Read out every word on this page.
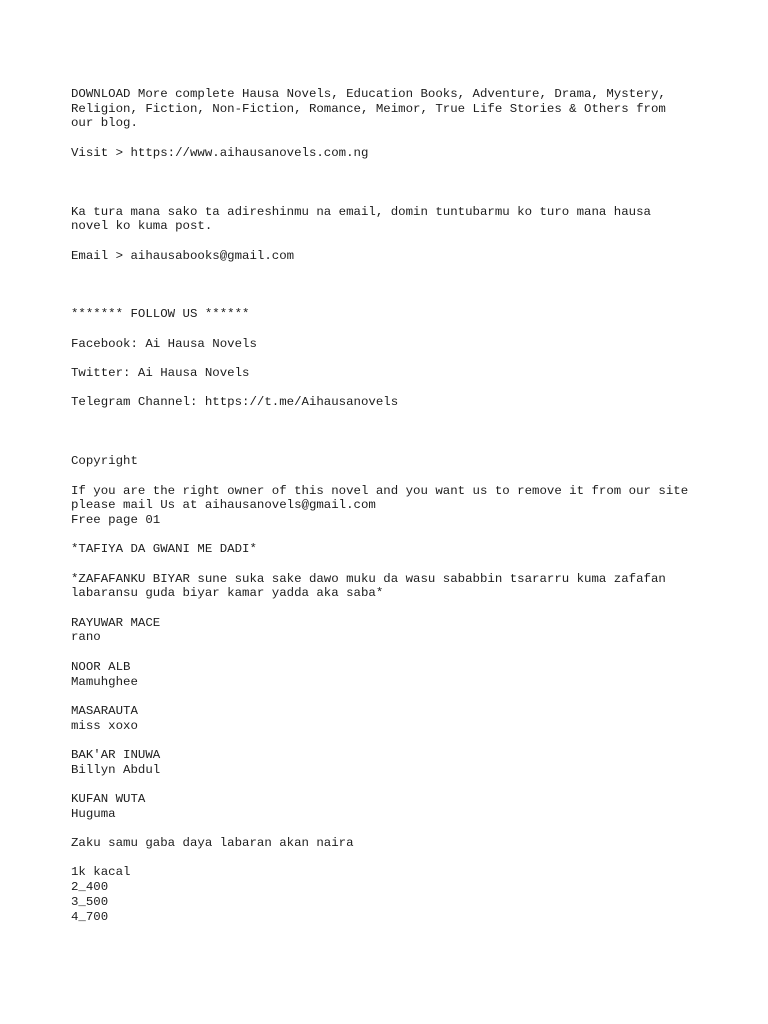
DOWNLOAD More complete Hausa Novels, Education Books, Adventure, Drama, Mystery,
Religion, Fiction, Non-Fiction, Romance, Meimor, True Life Stories & Others from
our blog.
Visit > https://www.aihausanovels.com.ng
Ka tura mana sako ta adireshinmu na email, domin tuntubarmu ko turo mana hausa
novel ko kuma post.
Email > aihausabooks@gmail.com
******* FOLLOW US ******
Facebook: Ai Hausa Novels
Twitter: Ai Hausa Novels
Telegram Channel: https://t.me/Aihausanovels
Copyright
If you are the right owner of this novel and you want us to remove it from our site
please mail Us at aihausanovels@gmail.com
Free page 01
*TAFIYA DA GWANI ME DADI*
*ZAFAFANKU BIYAR sune suka sake dawo muku da wasu sababbin tsararru kuma zafafan
labaransu guda biyar kamar yadda aka saba*
RAYUWAR MACE
rano
NOOR ALB
Mamuhghee
MASARAUTA
miss xoxo
BAK'AR INUWA
Billyn Abdul
KUFAN WUTA
Huguma
Zaku samu gaba daya labaran akan naira
1k kacal
2_400
3_500
4_700
